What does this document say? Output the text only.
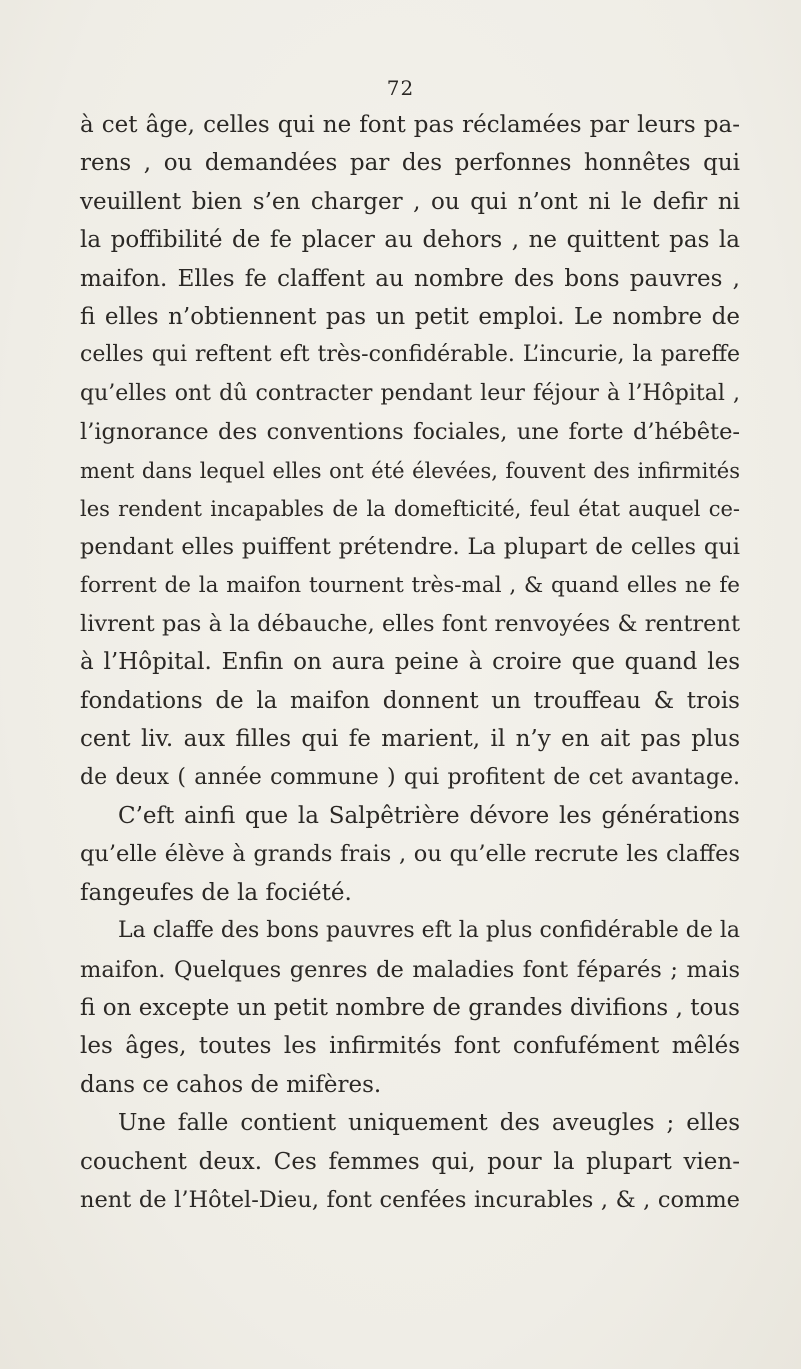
72
à cet âge, celles qui ne font pas réclamées par leurs pa-
rens , ou demandées par des perfonnes honnêtes qui
veuillent bien s’en charger , ou qui n’ont ni le defir ni
la poffibilité de fe placer au dehors , ne quittent pas la
maifon. Elles fe claffent au nombre des bons pauvres ,
fi elles n’obtiennent pas un petit emploi. Le nombre de
celles qui reftent eft très-confidérable. L’incurie, la pareffe
qu’elles ont dû contracter pendant leur féjour à l’Hôpital ,
l’ignorance des conventions fociales, une forte d’hébête-
ment dans lequel elles ont été élevées, fouvent des infirmités
les rendent incapables de la domefticité, feul état auquel ce-
pendant elles puiffent prétendre. La plupart de celles qui
forrent de la maifon tournent très-mal , & quand elles ne fe
livrent pas à la débauche, elles font renvoyées & rentrent
à l’Hôpital. Enfin on aura peine à croire que quand les
fondations de la maifon donnent un trouffeau & trois
cent liv. aux filles qui fe marient, il n’y en ait pas plus
de deux ( année commune ) qui profitent de cet avantage.
C’eft ainfi que la Salpêtrière dévore les générations
qu’elle élève à grands frais , ou qu’elle recrute les claffes
fangeufes de la fociété.
La claffe des bons pauvres eft la plus confidérable de la
maifon. Quelques genres de maladies font féparés ; mais
fi on excepte un petit nombre de grandes divifions , tous
les âges, toutes les infirmités font confufément mêlés
dans ce cahos de mifères.
Une falle contient uniquement des aveugles ; elles
couchent deux. Ces femmes qui, pour la plupart vien-
nent de l’Hôtel-Dieu, font cenfées incurables , & , comme
